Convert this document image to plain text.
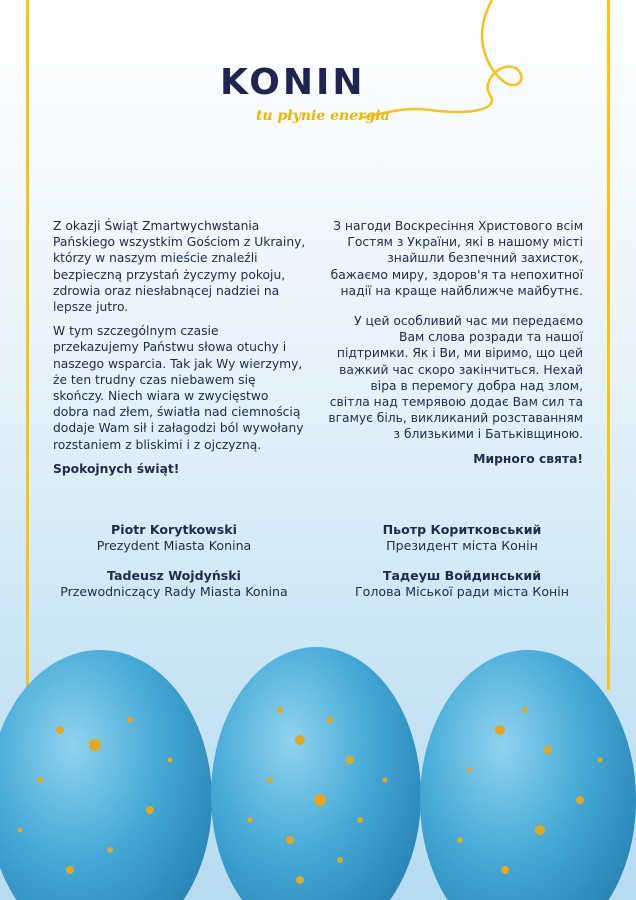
KONIN
tu płynie energia

Z okazji Świąt Zmartwychwstania Pańskiego wszystkim Gościom z Ukrainy, którzy w naszym mieście znaleźli bezpieczną przystań życzymy pokoju, zdrowia oraz niesłabnącej nadziei na lepsze jutro.

W tym szczególnym czasie przekazujemy Państwu słowa otuchy i naszego wsparcia. Tak jak Wy wierzymy, że ten trudny czas niebawem się skończy. Niech wiara w zwycięstwo dobra nad złem, światła nad ciemnością dodaje Wam sił i załagodzi ból wywołany rozstaniem z bliskimi i z ojczyzną.

Spokojnych świąt!

З нагоди Воскресіння Христового всім Гостям з України, які в нашому місті знайшли безпечний захисток, бажаємо миру, здоров'я та непохитної надії на краще найближче майбутнє.

У цей особливий час ми передаємо Вам слова розради та нашої підтримки. Як і Ви, ми віримо, що цей важкий час скоро закінчиться. Нехай віра в перемогу добра над злом, світла над темрявою додає Вам сил та вгамує біль, викликаний розставанням з близькими і Батьківщиною.

Мирного свята!

Piotr Korytkowski
Prezydent Miasta Konina
Tadeusz Wojdyński
Przewodniczący Rady Miasta Konina
Пьотр Коритковський
Президент міста Конін
Тадеуш Войдинський
Голова Міської ради міста Конін
